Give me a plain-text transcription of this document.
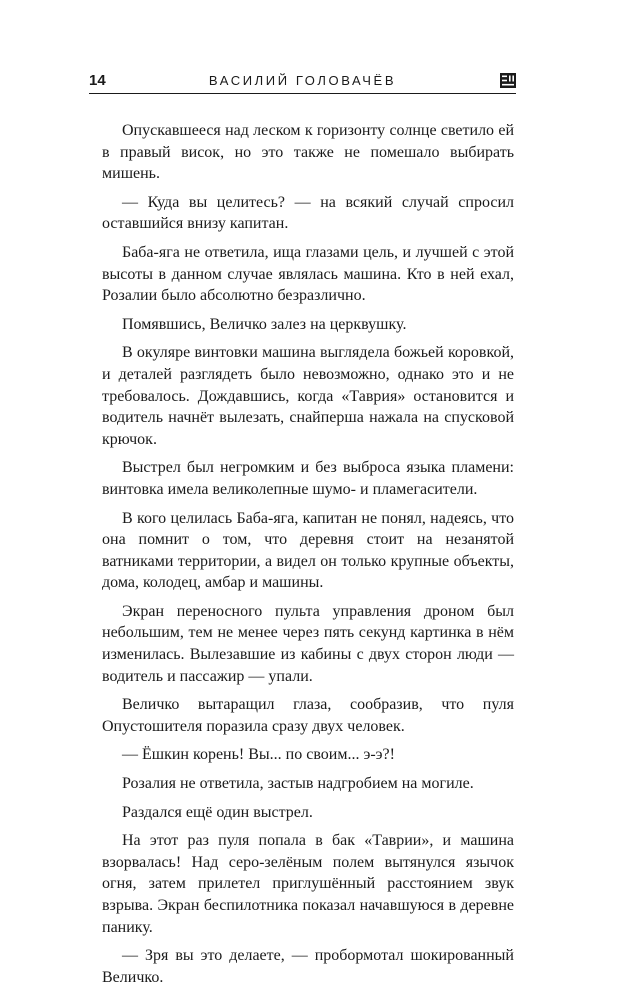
14	ВАСИЛИЙ ГОЛОВАЧЁВ

Опускавшееся над леском к горизонту солнце светило ей в правый висок, но это также не помешало выбирать мишень.

— Куда вы целитесь? — на всякий случай спросил оставшийся внизу капитан.

Баба-яга не ответила, ища глазами цель, и лучшей с этой высоты в данном случае являлась машина. Кто в ней ехал, Розалии было абсолютно безразлично.

Помявшись, Величко залез на церквушку.

В окуляре винтовки машина выглядела божьей коровкой, и деталей разглядеть было невозможно, однако это и не требовалось. Дождавшись, когда «Таврия» остановится и водитель начнёт вылезать, снайперша нажала на спусковой крючок.

Выстрел был негромким и без выброса языка пламени: винтовка имела великолепные шумо- и пламегасители.

В кого целилась Баба-яга, капитан не понял, надеясь, что она помнит о том, что деревня стоит на незанятой ватниками территории, а видел он только крупные объекты, дома, колодец, амбар и машины.

Экран переносного пульта управления дроном был небольшим, тем не менее через пять секунд картинка в нём изменилась. Вылезавшие из кабины с двух сторон люди — водитель и пассажир — упали.

Величко вытаращил глаза, сообразив, что пуля Опустошителя поразила сразу двух человек.

— Ёшкин корень! Вы... по своим... э-э?!

Розалия не ответила, застыв надгробием на могиле.

Раздался ещё один выстрел.

На этот раз пуля попала в бак «Таврии», и машина взорвалась! Над серо-зелёным полем вытянулся язычок огня, затем прилетел приглушённый расстоянием звук взрыва. Экран беспилотника показал начавшуюся в деревне панику.

— Зря вы это делаете, — пробормотал шокированный Величко.
